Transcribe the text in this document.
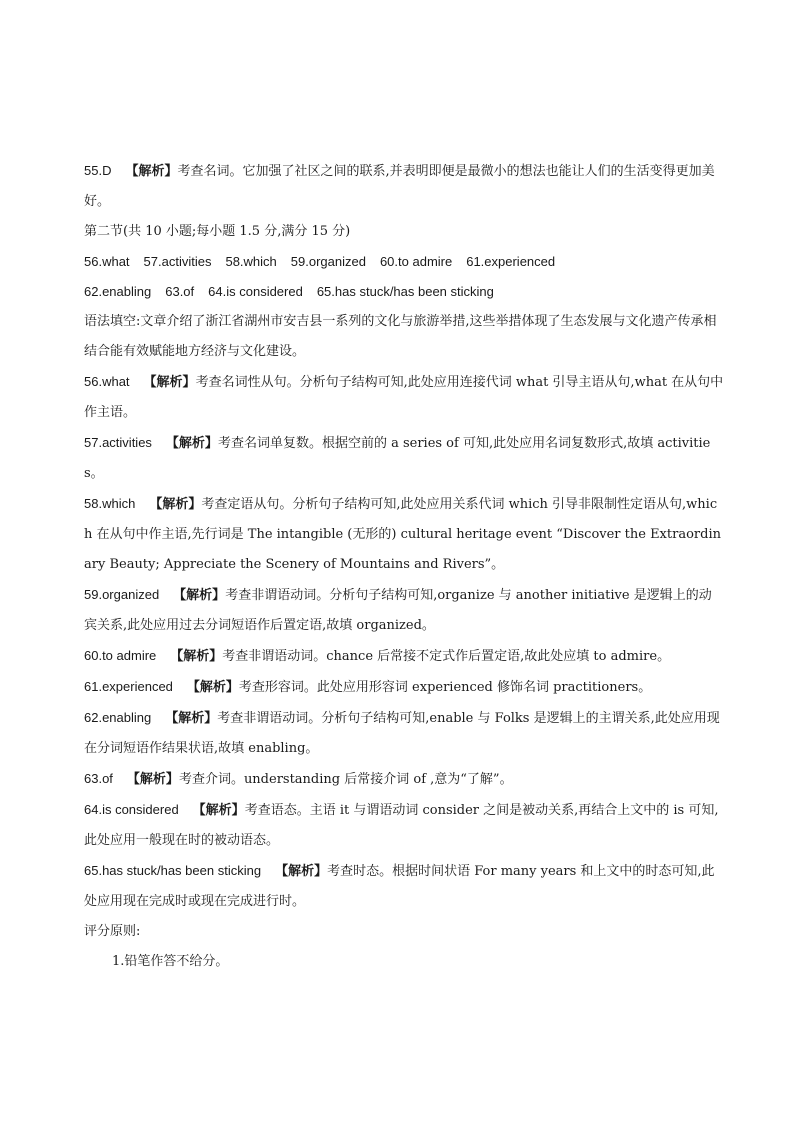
55.D 【解析】考查名词。它加强了社区之间的联系,并表明即便是最微小的想法也能让人们的生活变得更加美好。

第二节(共 10 小题;每小题 1.5 分,满分 15 分)

56.what 57.activities 58.which 59.organized 60.to admire 61.experienced

62.enabling 63.of 64.is considered 65.has stuck/has been sticking

语法填空:文章介绍了浙江省湖州市安吉县一系列的文化与旅游举措,这些举措体现了生态发展与文化遗产传承相结合能有效赋能地方经济与文化建设。

56.what 【解析】考查名词性从句。分析句子结构可知,此处应用连接代词 what 引导主语从句,what 在从句中作主语。

57.activities 【解析】考查名词单复数。根据空前的 a series of 可知,此处应用名词复数形式,故填 activities。

58.which 【解析】考查定语从句。分析句子结构可知,此处应用关系代词 which 引导非限制性定语从句,which 在从句中作主语,先行词是 The intangible (无形的) cultural heritage event “Discover the Extraordinary Beauty; Appreciate the Scenery of Mountains and Rivers”。

59.organized 【解析】考查非谓语动词。分析句子结构可知,organize 与 another initiative 是逻辑上的动宾关系,此处应用过去分词短语作后置定语,故填 organized。

60.to admire 【解析】考查非谓语动词。chance 后常接不定式作后置定语,故此处应填 to admire。

61.experienced 【解析】考查形容词。此处应用形容词 experienced 修饰名词 practitioners。

62.enabling 【解析】考查非谓语动词。分析句子结构可知,enable 与 Folks 是逻辑上的主谓关系,此处应用现在分词短语作结果状语,故填 enabling。

63.of 【解析】考查介词。understanding 后常接介词 of ,意为“了解”。

64.is considered 【解析】考查语态。主语 it 与谓语动词 consider 之间是被动关系,再结合上文中的 is 可知,此处应用一般现在时的被动语态。

65.has stuck/has been sticking 【解析】考查时态。根据时间状语 For many years 和上文中的时态可知,此处应用现在完成时或现在完成进行时。

评分原则:

1.铅笔作答不给分。
